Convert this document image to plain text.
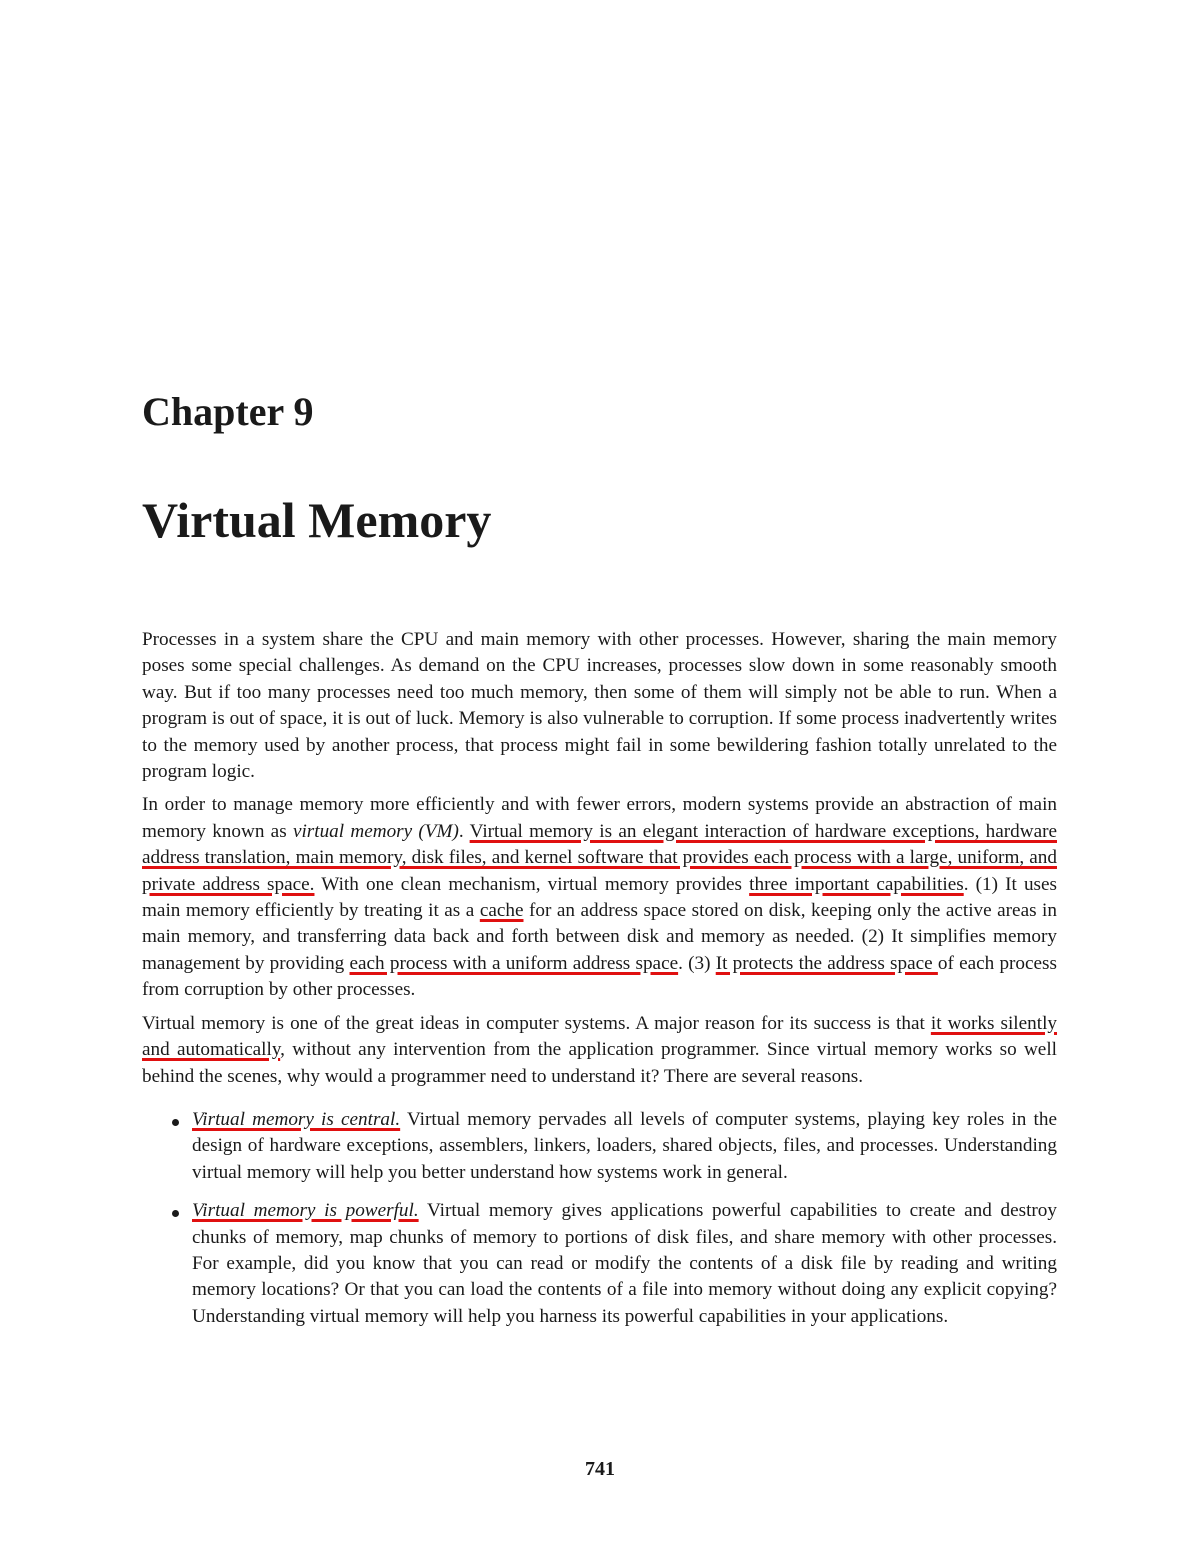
Chapter 9
Virtual Memory

Processes in a system share the CPU and main memory with other processes. However, sharing the main memory poses some special challenges. As demand on the CPU increases, processes slow down in some reasonably smooth way. But if too many processes need too much memory, then some of them will simply not be able to run. When a program is out of space, it is out of luck. Memory is also vulnerable to corruption. If some process inadvertently writes to the memory used by another process, that process might fail in some bewildering fashion totally unrelated to the program logic.

In order to manage memory more efficiently and with fewer errors, modern systems provide an abstraction of main memory known as virtual memory (VM). Virtual memory is an elegant interaction of hardware exceptions, hardware address translation, main memory, disk files, and kernel software that provides each process with a large, uniform, and private address space. With one clean mechanism, virtual memory provides three important capabilities. (1) It uses main memory efficiently by treating it as a cache for an address space stored on disk, keeping only the active areas in main memory, and transferring data back and forth between disk and memory as needed. (2) It simplifies memory management by providing each process with a uniform address space. (3) It protects the address space of each process from corruption by other processes.

Virtual memory is one of the great ideas in computer systems. A major reason for its success is that it works silently and automatically, without any intervention from the application programmer. Since virtual memory works so well behind the scenes, why would a programmer need to understand it? There are several reasons.

Virtual memory is central. Virtual memory pervades all levels of computer systems, playing key roles in the design of hardware exceptions, assemblers, linkers, loaders, shared objects, files, and processes. Understanding virtual memory will help you better understand how systems work in general.
Virtual memory is powerful. Virtual memory gives applications powerful capabilities to create and destroy chunks of memory, map chunks of memory to portions of disk files, and share memory with other processes. For example, did you know that you can read or modify the contents of a disk file by reading and writing memory locations? Or that you can load the contents of a file into memory without doing any explicit copying? Understanding virtual memory will help you harness its powerful capabilities in your applications.
741
